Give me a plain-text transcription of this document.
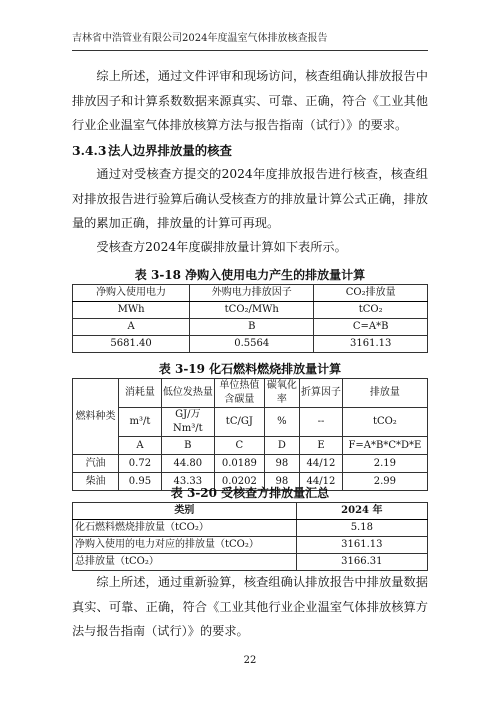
吉林省中浩管业有限公司2024年度温室气体排放核查报告

综上所述，通过文件评审和现场访问，核查组确认排放报告中排放因子和计算系数数据来源真实、可靠、正确，符合《工业其他行业企业温室气体排放核算方法与报告指南（试行）》的要求。

3.4.3 法人边界排放量的核查

通过对受核查方提交的2024年度排放报告进行核查，核查组对排放报告进行验算后确认受核查方的排放量计算公式正确，排放量的累加正确，排放量的计算可再现。

受核查方2024年度碳排放量计算如下表所示。

表 3-18 净购入使用电力产生的排放量计算
净购入使用电力	外购电力排放因子	CO₂排放量
MWh	tCO₂/MWh	tCO₂
A	B	C=A*B
5681.40	0.5564	3161.13
表 3-19 化石燃料燃烧排放量计算
燃料种类	消耗量	低位发热量	单位热值含碳量	碳氧化率	折算因子	排放量
	m³/t	GJ/万 Nm³/t	tC/GJ	%	--	tCO₂
	A	B	C	D	E	F=A*B*C*D*E
汽油	0.72	44.80	0.0189	98	44/12	2.19
柴油	0.95	43.33	0.0202	98	44/12	2.99
表 3-20 受核查方排放量汇总
类别	2024 年
化石燃料燃烧排放量（tCO₂）	5.18
净购入使用的电力对应的排放量（tCO₂）	3161.13
总排放量（tCO₂）	3166.31

综上所述，通过重新验算，核查组确认排放报告中排放量数据真实、可靠、正确，符合《工业其他行业企业温室气体排放核算方法与报告指南（试行）》的要求。

22
